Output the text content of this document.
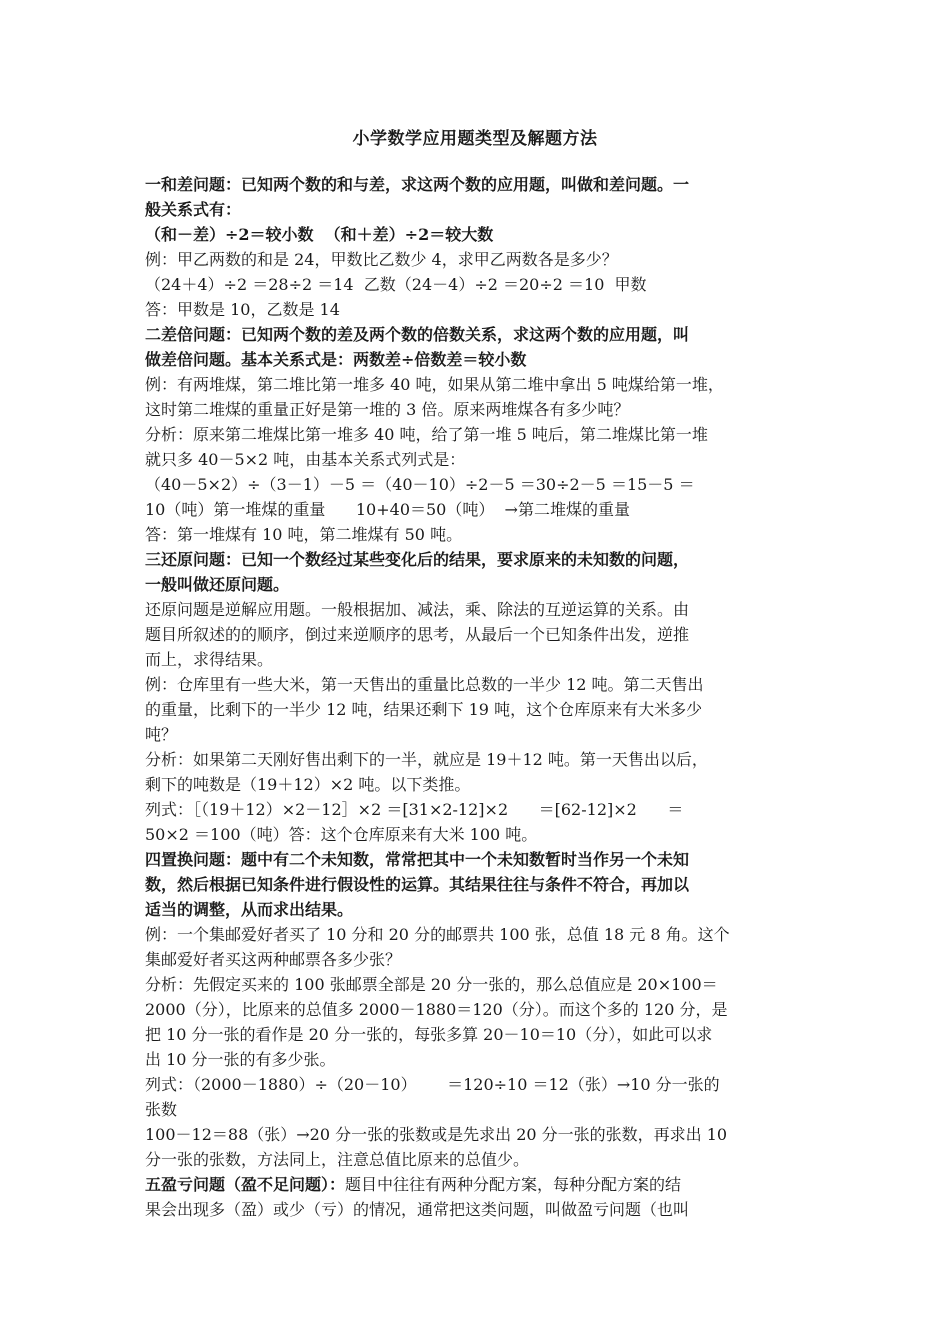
小学数学应用题类型及解题方法
一和差问题：已知两个数的和与差，求这两个数的应用题，叫做和差问题。一
般关系式有：
（和－差）÷2＝较小数  （和＋差）÷2＝较大数
例：甲乙两数的和是 24，甲数比乙数少 4，求甲乙两数各是多少？
（24＋4）÷2 ＝28÷2 ＝14  乙数（24－4）÷2 ＝20÷2 ＝10  甲数
答：甲数是 10，乙数是 14
二差倍问题：已知两个数的差及两个数的倍数关系，求这两个数的应用题，叫
做差倍问题。基本关系式是：两数差÷倍数差＝较小数
例：有两堆煤，第二堆比第一堆多 40 吨，如果从第二堆中拿出 5 吨煤给第一堆，
这时第二堆煤的重量正好是第一堆的 3 倍。原来两堆煤各有多少吨？
分析：原来第二堆煤比第一堆多 40 吨，给了第一堆 5 吨后，第二堆煤比第一堆
就只多 40－5×2 吨，由基本关系式列式是：
（40－5×2）÷（3－1）－5 ＝（40－10）÷2－5 ＝30÷2－5 ＝15－5 ＝
10（吨）第一堆煤的重量      10+40＝50（吨）  →第二堆煤的重量
答：第一堆煤有 10 吨，第二堆煤有 50 吨。
三还原问题：已知一个数经过某些变化后的结果，要求原来的未知数的问题，
一般叫做还原问题。
还原问题是逆解应用题。一般根据加、减法，乘、除法的互逆运算的关系。由
题目所叙述的的顺序，倒过来逆顺序的思考，从最后一个已知条件出发，逆推
而上，求得结果。
例：仓库里有一些大米，第一天售出的重量比总数的一半少 12 吨。第二天售出
的重量，比剩下的一半少 12 吨，结果还剩下 19 吨，这个仓库原来有大米多少
吨？
分析：如果第二天刚好售出剩下的一半，就应是 19＋12 吨。第一天售出以后，
剩下的吨数是（19＋12）×2 吨。以下类推。
列式：［（19＋12）×2－12］×2 ＝[31×2-12]×2      ＝[62-12]×2      ＝
50×2 ＝100（吨）答：这个仓库原来有大米 100 吨。
四置换问题：题中有二个未知数，常常把其中一个未知数暂时当作另一个未知
数，然后根据已知条件进行假设性的运算。其结果往往与条件不符合，再加以
适当的调整，从而求出结果。
例：一个集邮爱好者买了 10 分和 20 分的邮票共 100 张，总值 18 元 8 角。这个
集邮爱好者买这两种邮票各多少张？
分析：先假定买来的 100 张邮票全部是 20 分一张的，那么总值应是 20×100＝
2000（分），比原来的总值多 2000－1880＝120（分）。而这个多的 120 分，是
把 10 分一张的看作是 20 分一张的，每张多算 20－10＝10（分），如此可以求
出 10 分一张的有多少张。
列式：（2000－1880）÷（20－10）      ＝120÷10 ＝12（张）→10 分一张的
张数
100－12＝88（张）→20 分一张的张数或是先求出 20 分一张的张数，再求出 10
分一张的张数，方法同上，注意总值比原来的总值少。
五盈亏问题（盈不足问题）：题目中往往有两种分配方案，每种分配方案的结
果会出现多（盈）或少（亏）的情况，通常把这类问题，叫做盈亏问题（也叫
